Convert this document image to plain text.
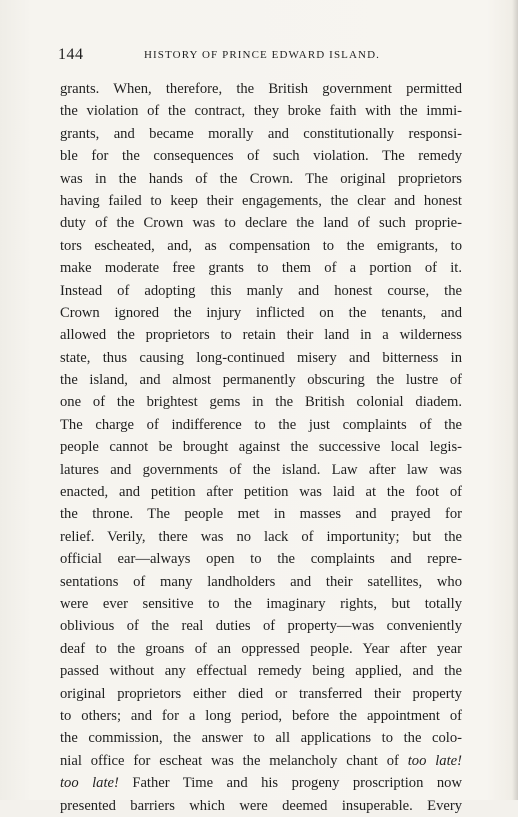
144	HISTORY OF PRINCE EDWARD ISLAND.
grants. When, therefore, the British government permitted
the violation of the contract, they broke faith with the immi-
grants, and became morally and constitutionally responsi-
ble for the consequences of such violation. The remedy
was in the hands of the Crown. The original proprietors
having failed to keep their engagements, the clear and honest
duty of the Crown was to declare the land of such proprie-
tors escheated, and, as compensation to the emigrants, to
make moderate free grants to them of a portion of it.
Instead of adopting this manly and honest course, the
Crown ignored the injury inflicted on the tenants, and
allowed the proprietors to retain their land in a wilderness
state, thus causing long-continued misery and bitterness in
the island, and almost permanently obscuring the lustre of
one of the brightest gems in the British colonial diadem.
The charge of indifference to the just complaints of the
people cannot be brought against the successive local legis-
latures and governments of the island. Law after law was
enacted, and petition after petition was laid at the foot of
the throne. The people met in masses and prayed for
relief. Verily, there was no lack of importunity; but the
official ear—always open to the complaints and repre-
sentations of many landholders and their satellites, who
were ever sensitive to the imaginary rights, but totally
oblivious of the real duties of property—was conveniently
deaf to the groans of an oppressed people. Year after year
passed without any effectual remedy being applied, and the
original proprietors either died or transferred their property
to others; and for a long period, before the appointment of
the commission, the answer to all applications to the colo-
nial office for escheat was the melancholy chant of too late!
too late! Father Time and his progeny proscription now
presented barriers which were deemed insuperable. Every
